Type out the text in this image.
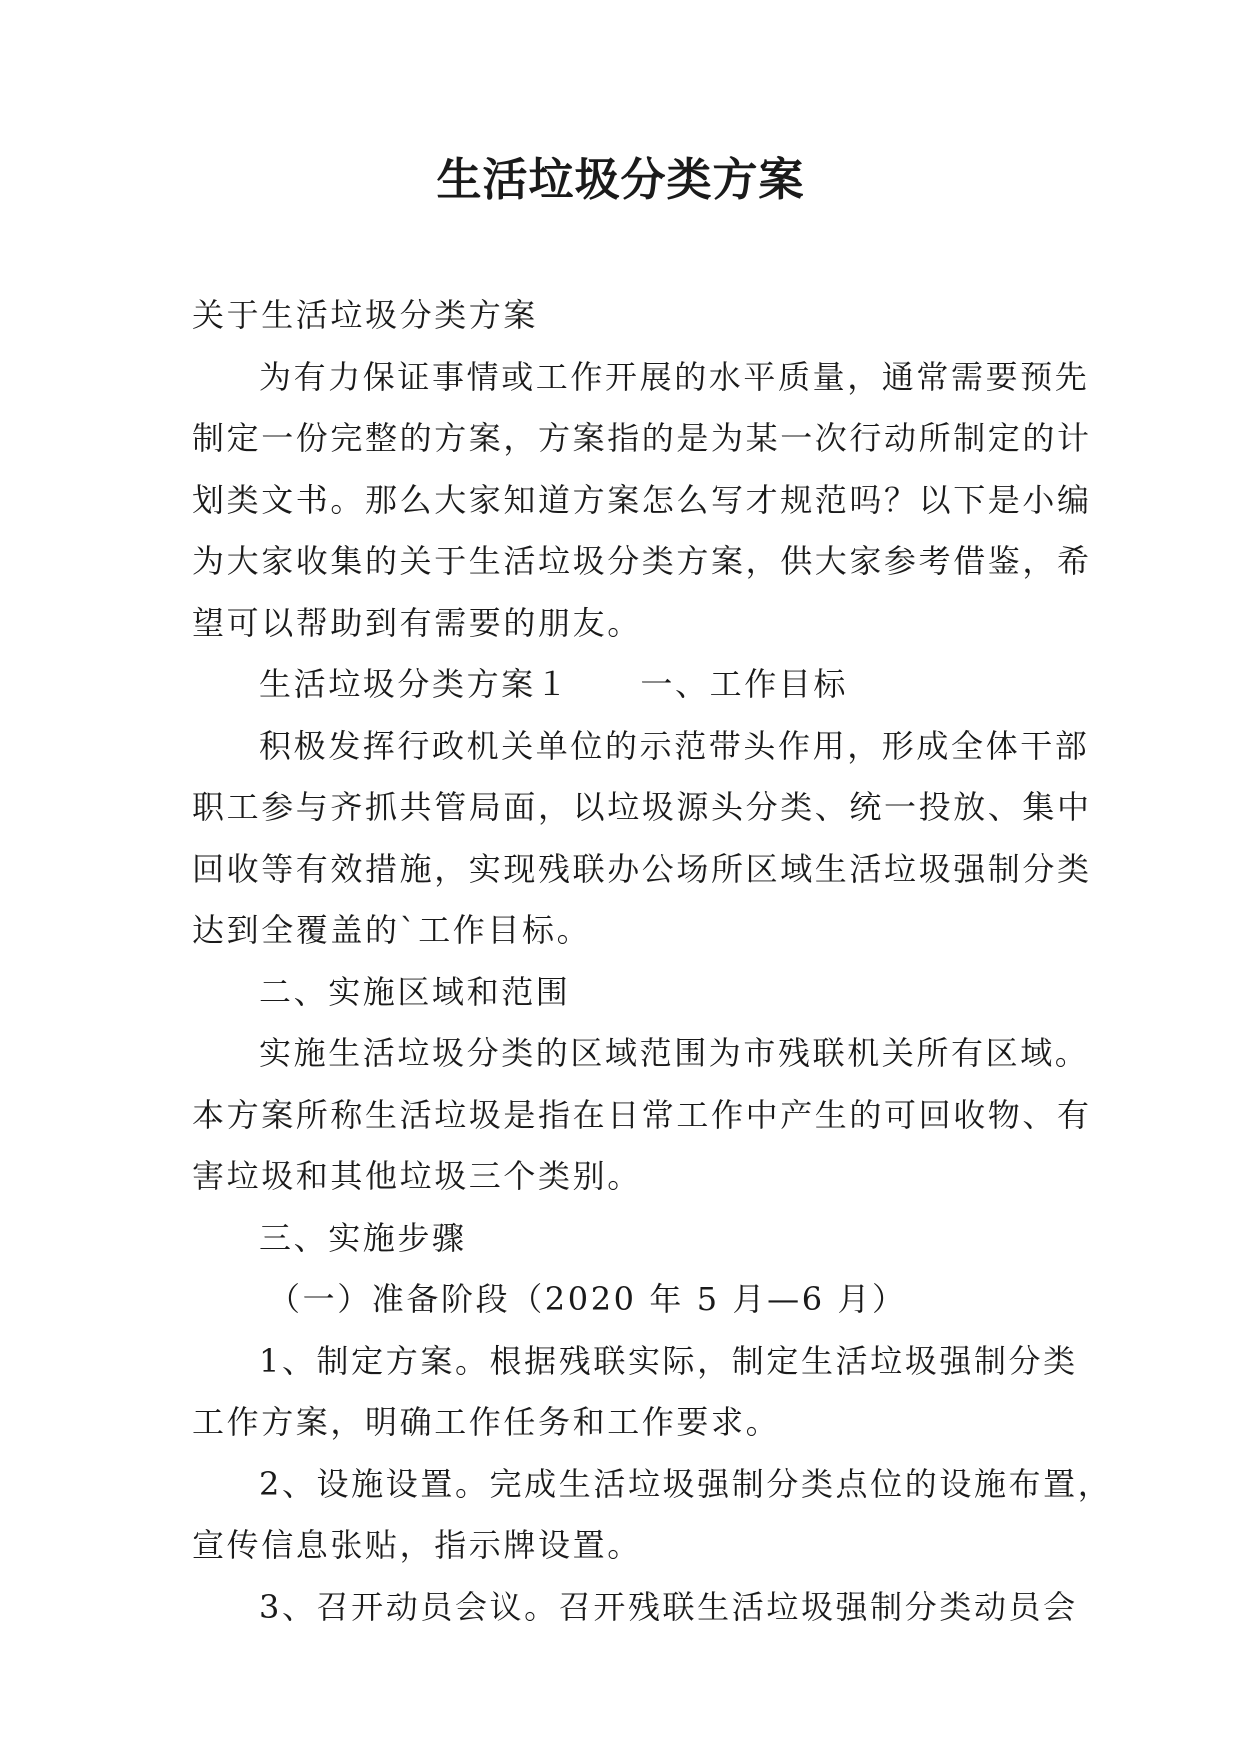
生活垃圾分类方案
关于生活垃圾分类方案
为有力保证事情或工作开展的水平质量，通常需要预先
制定一份完整的方案，方案指的是为某一次行动所制定的计
划类文书。那么大家知道方案怎么写才规范吗？以下是小编
为大家收集的关于生活垃圾分类方案，供大家参考借鉴，希
望可以帮助到有需要的朋友。
生活垃圾分类方案１ 一、工作目标
积极发挥行政机关单位的示范带头作用，形成全体干部
职工参与齐抓共管局面，以垃圾源头分类、统一投放、集中
回收等有效措施，实现残联办公场所区域生活垃圾强制分类
达到全覆盖的`工作目标。
二、实施区域和范围
实施生活垃圾分类的区域范围为市残联机关所有区域。
本方案所称生活垃圾是指在日常工作中产生的可回收物、有
害垃圾和其他垃圾三个类别。
三、实施步骤
（一）准备阶段（2020 年 5 月—6 月）
1、制定方案。根据残联实际，制定生活垃圾强制分类
工作方案，明确工作任务和工作要求。
2、设施设置。完成生活垃圾强制分类点位的设施布置，
宣传信息张贴，指示牌设置。
3、召开动员会议。召开残联生活垃圾强制分类动员会
